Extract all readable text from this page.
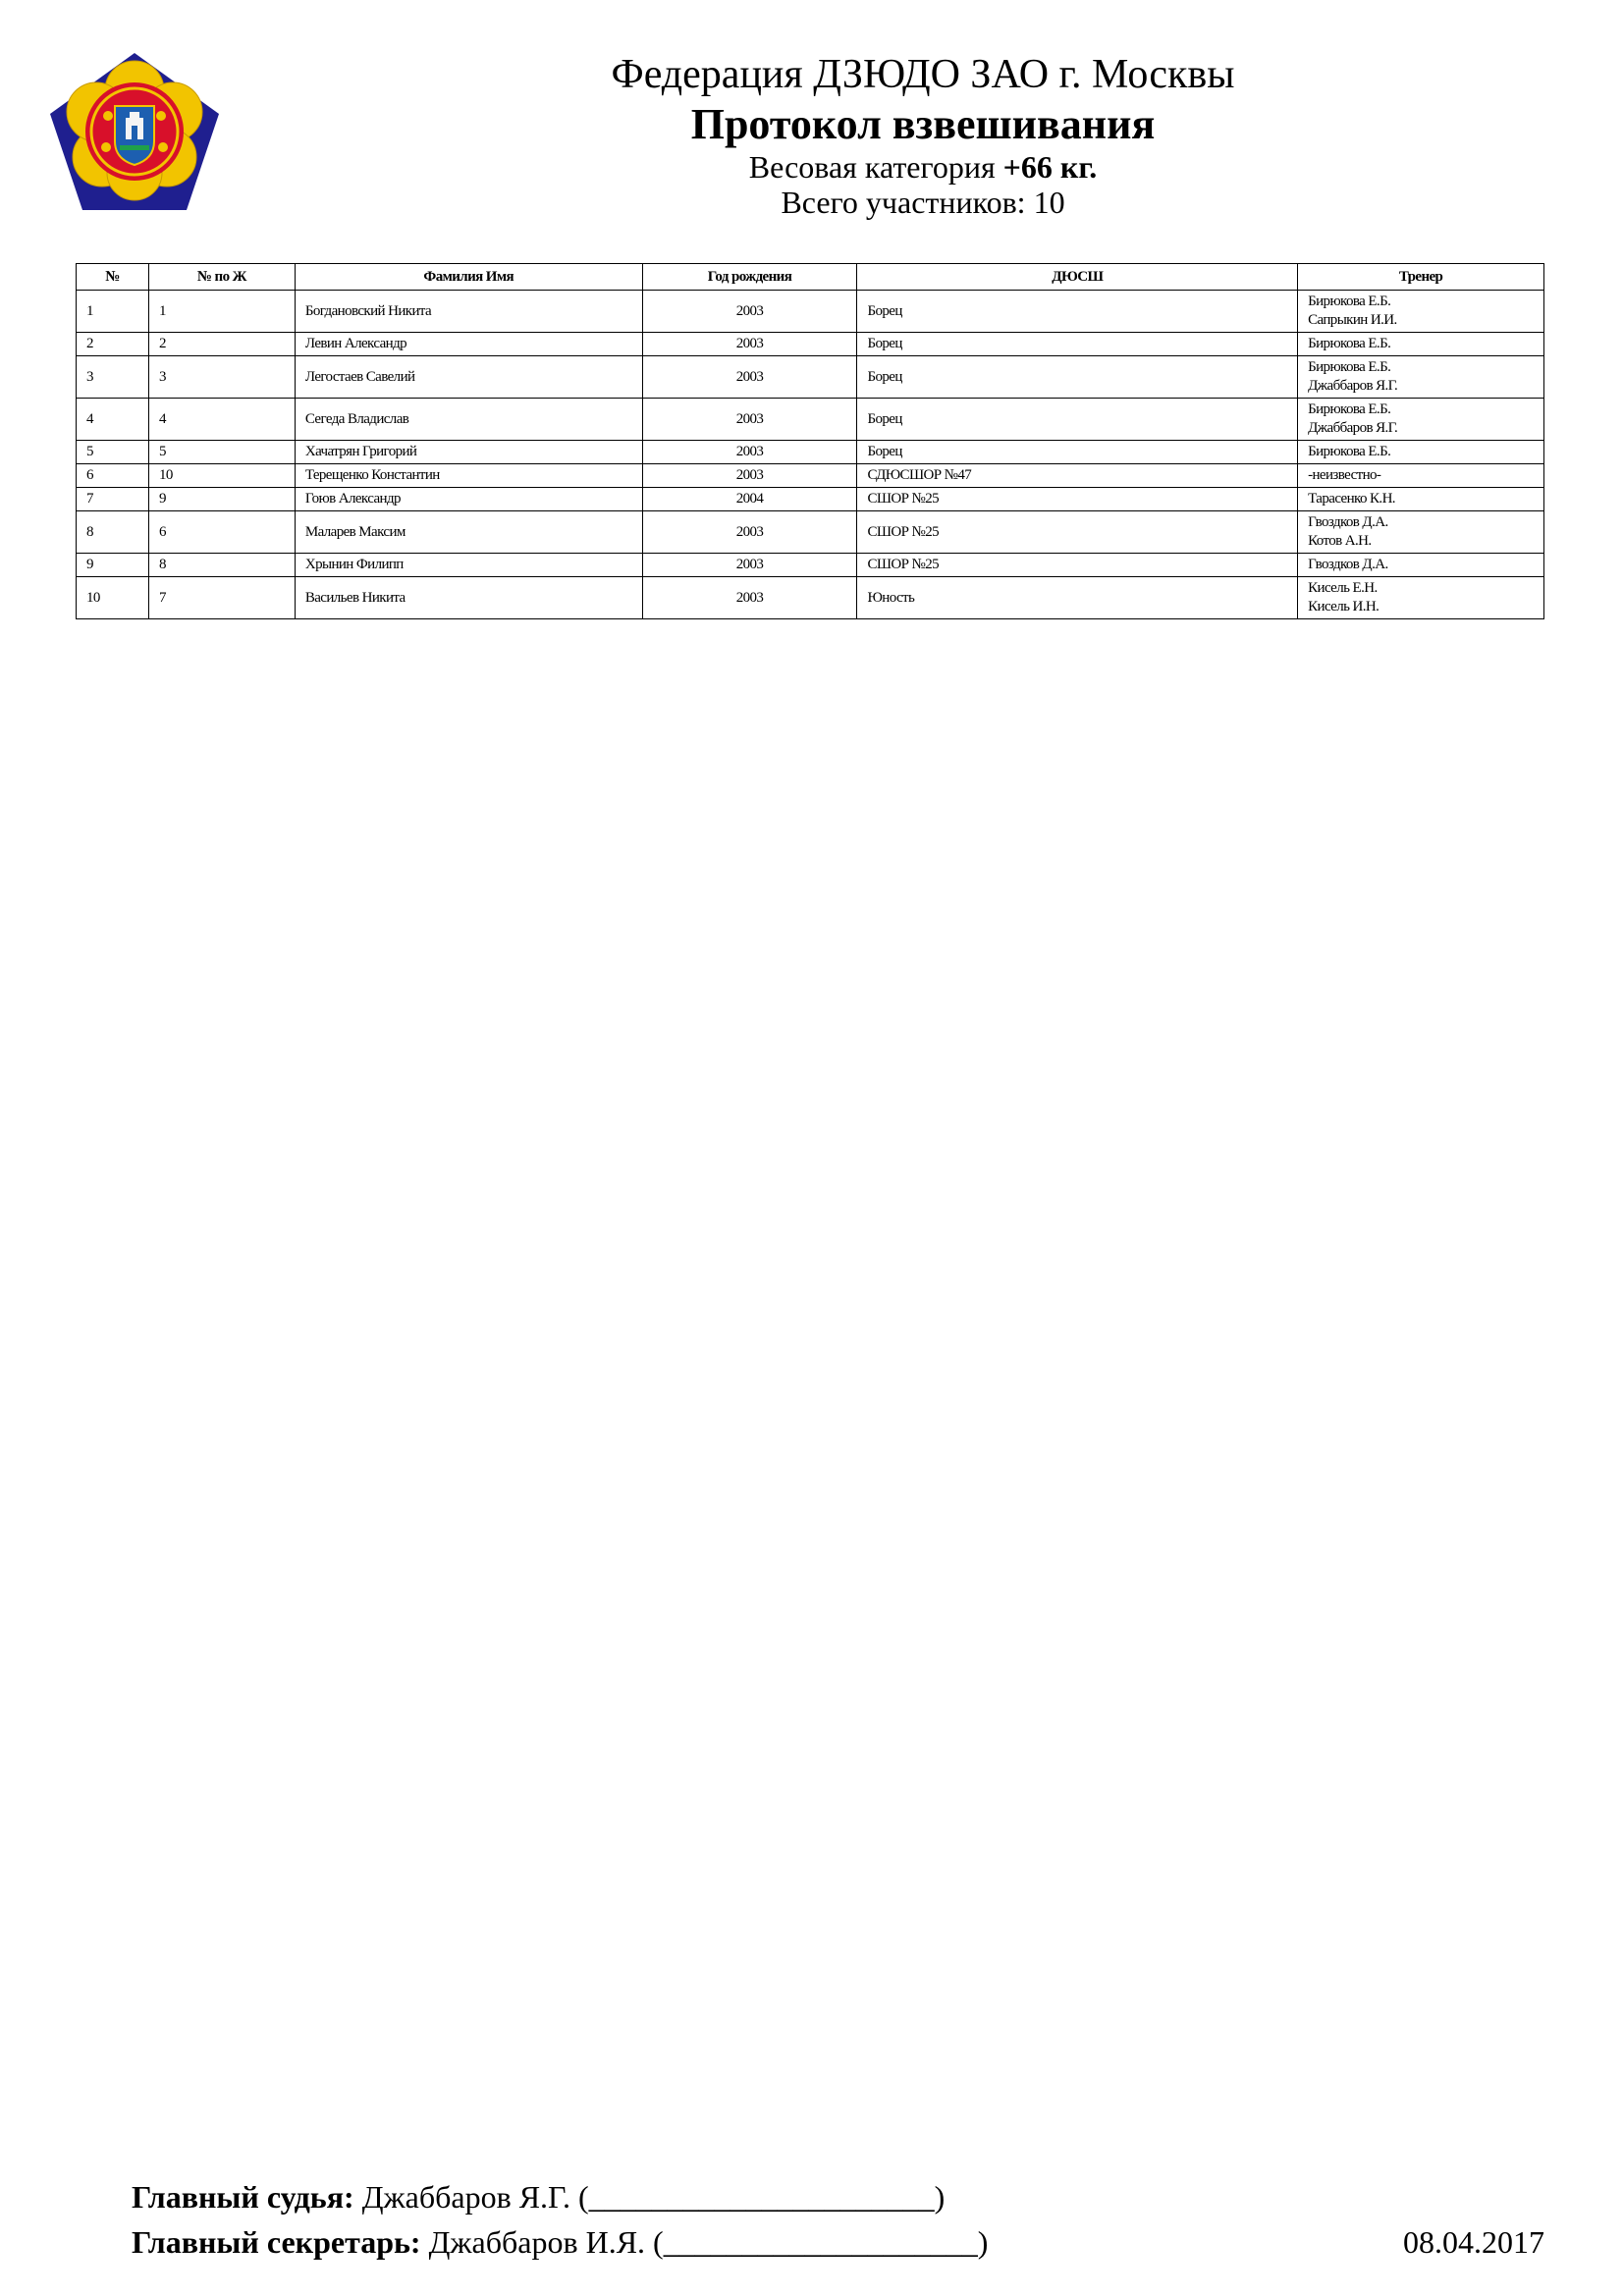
Федерация ДЗЮДО ЗАО г. Москвы
Протокол взвешивания
Весовая категория +66 кг.
Всего участников: 10
№	№ по Ж	Фамилия Имя	Год рождения	ДЮСШ	Тренер
1	1	Богдановский Никита	2003	Борец	Бирюкова Е.Б.
Сапрыкин И.И.
2	2	Левин Александр	2003	Борец	Бирюкова Е.Б.
3	3	Легостаев Савелий	2003	Борец	Бирюкова Е.Б.
Джаббаров Я.Г.
4	4	Сегеда Владислав	2003	Борец	Бирюкова Е.Б.
Джаббаров Я.Г.
5	5	Хачатрян Григорий	2003	Борец	Бирюкова Е.Б.
6	10	Терещенко Константин	2003	СДЮСШОР №47	-неизвестно-
7	9	Гоюв Александр	2004	СШОР №25	Тарасенко К.Н.
8	6	Маларев Максим	2003	СШОР №25	Гвоздков Д.А.
Котов А.Н.
9	8	Хрынин Филипп	2003	СШОР №25	Гвоздков Д.А.
10	7	Васильев Никита	2003	Юность	Кисель Е.Н.
Кисель И.Н.
Главный судья: Джаббаров Я.Г. (______________________)
Главный секретарь: Джаббаров И.Я. (____________________)	08.04.2017
